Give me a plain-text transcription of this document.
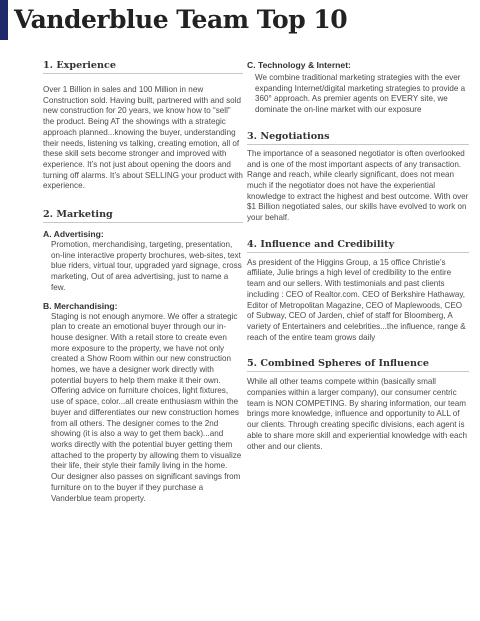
Vanderblue Team Top 10
1. Experience

Over 1 Billion in sales and 100 Million in new Construction sold. Having built, partnered with and sold new construction for 20 years, we know how to “sell” the product. Being AT the showings with a strategic approach planned...knowing the buyer, understanding their needs, listening vs talking, creating emotion, all of these skill sets become stronger and improved with experience. It’s not just about opening the doors and turning off alarms. It’s about SELLING your product with experience.

2. Marketing
A. Advertising:

Promotion, merchandising, targeting, presentation, on-line interactive property brochures, web-sites, text blue riders, virtual tour, upgraded yard signage, cross marketing, Out of area advertising, just to name a few.

B. Merchandising:

Staging is not enough anymore. We offer a strategic plan to create an emotional buyer through our in-house designer. With a retail store to create even more exposure to the property, we have not only created a Show Room within our new construction homes, we have a designer work directly with potential buyers to help them make it their own. Offering advice on furniture choices, light fixtures, use of space, color...all create enthusiasm within the buyer and differentiates our new construction homes from all others. The designer comes to the 2nd showing (it is also a way to get them back)...and works directly with the potential buyer getting them attached to the property by allowing them to visualize their life, their style their family living in the home. Our designer also passes on significant savings from furniture on to the buyer if they purchase a Vanderblue team property.

C. Technology & Internet:

We combine traditional marketing strategies with the ever expanding Internet/digital marketing strategies to provide a 360° approach. As premier agents on EVERY site, we dominate the on-line market with our exposure

3. Negotiations

The importance of a seasoned negotiator is often overlooked and is one of the most important aspects of any transaction. Range and reach, while clearly significant, does not mean much if the negotiator does not have the experiential knowledge to extract the highest and best outcome. With over $1 Billion negotiated sales, our skills have evolved to work on your behalf.

4. Influence and Credibility

As president of the Higgins Group, a 15 office Christie’s affiliate, Julie brings a high level of credibility to the entire team and our sellers. With testimonials and past clients including : CEO of Realtor.com. CEO of Berkshire Hathaway, Editor of Metropolitan Magazine, CEO of Maplewoods, CEO of Subway, CEO of Jarden, chief of staff for Bloomberg, A variety of Entertainers and celebrities...the influence, range & reach of the entire team grows daily

5. Combined Spheres of Influence

While all other teams compete within (basically small companies within a larger company), our consumer centric team is NON COMPETING. By sharing information, our team brings more knowledge, influence and opportunity to ALL of our clients. Through creating specific divisions, each agent is able to share more skill and experiential knowledge with each other and our clients.
